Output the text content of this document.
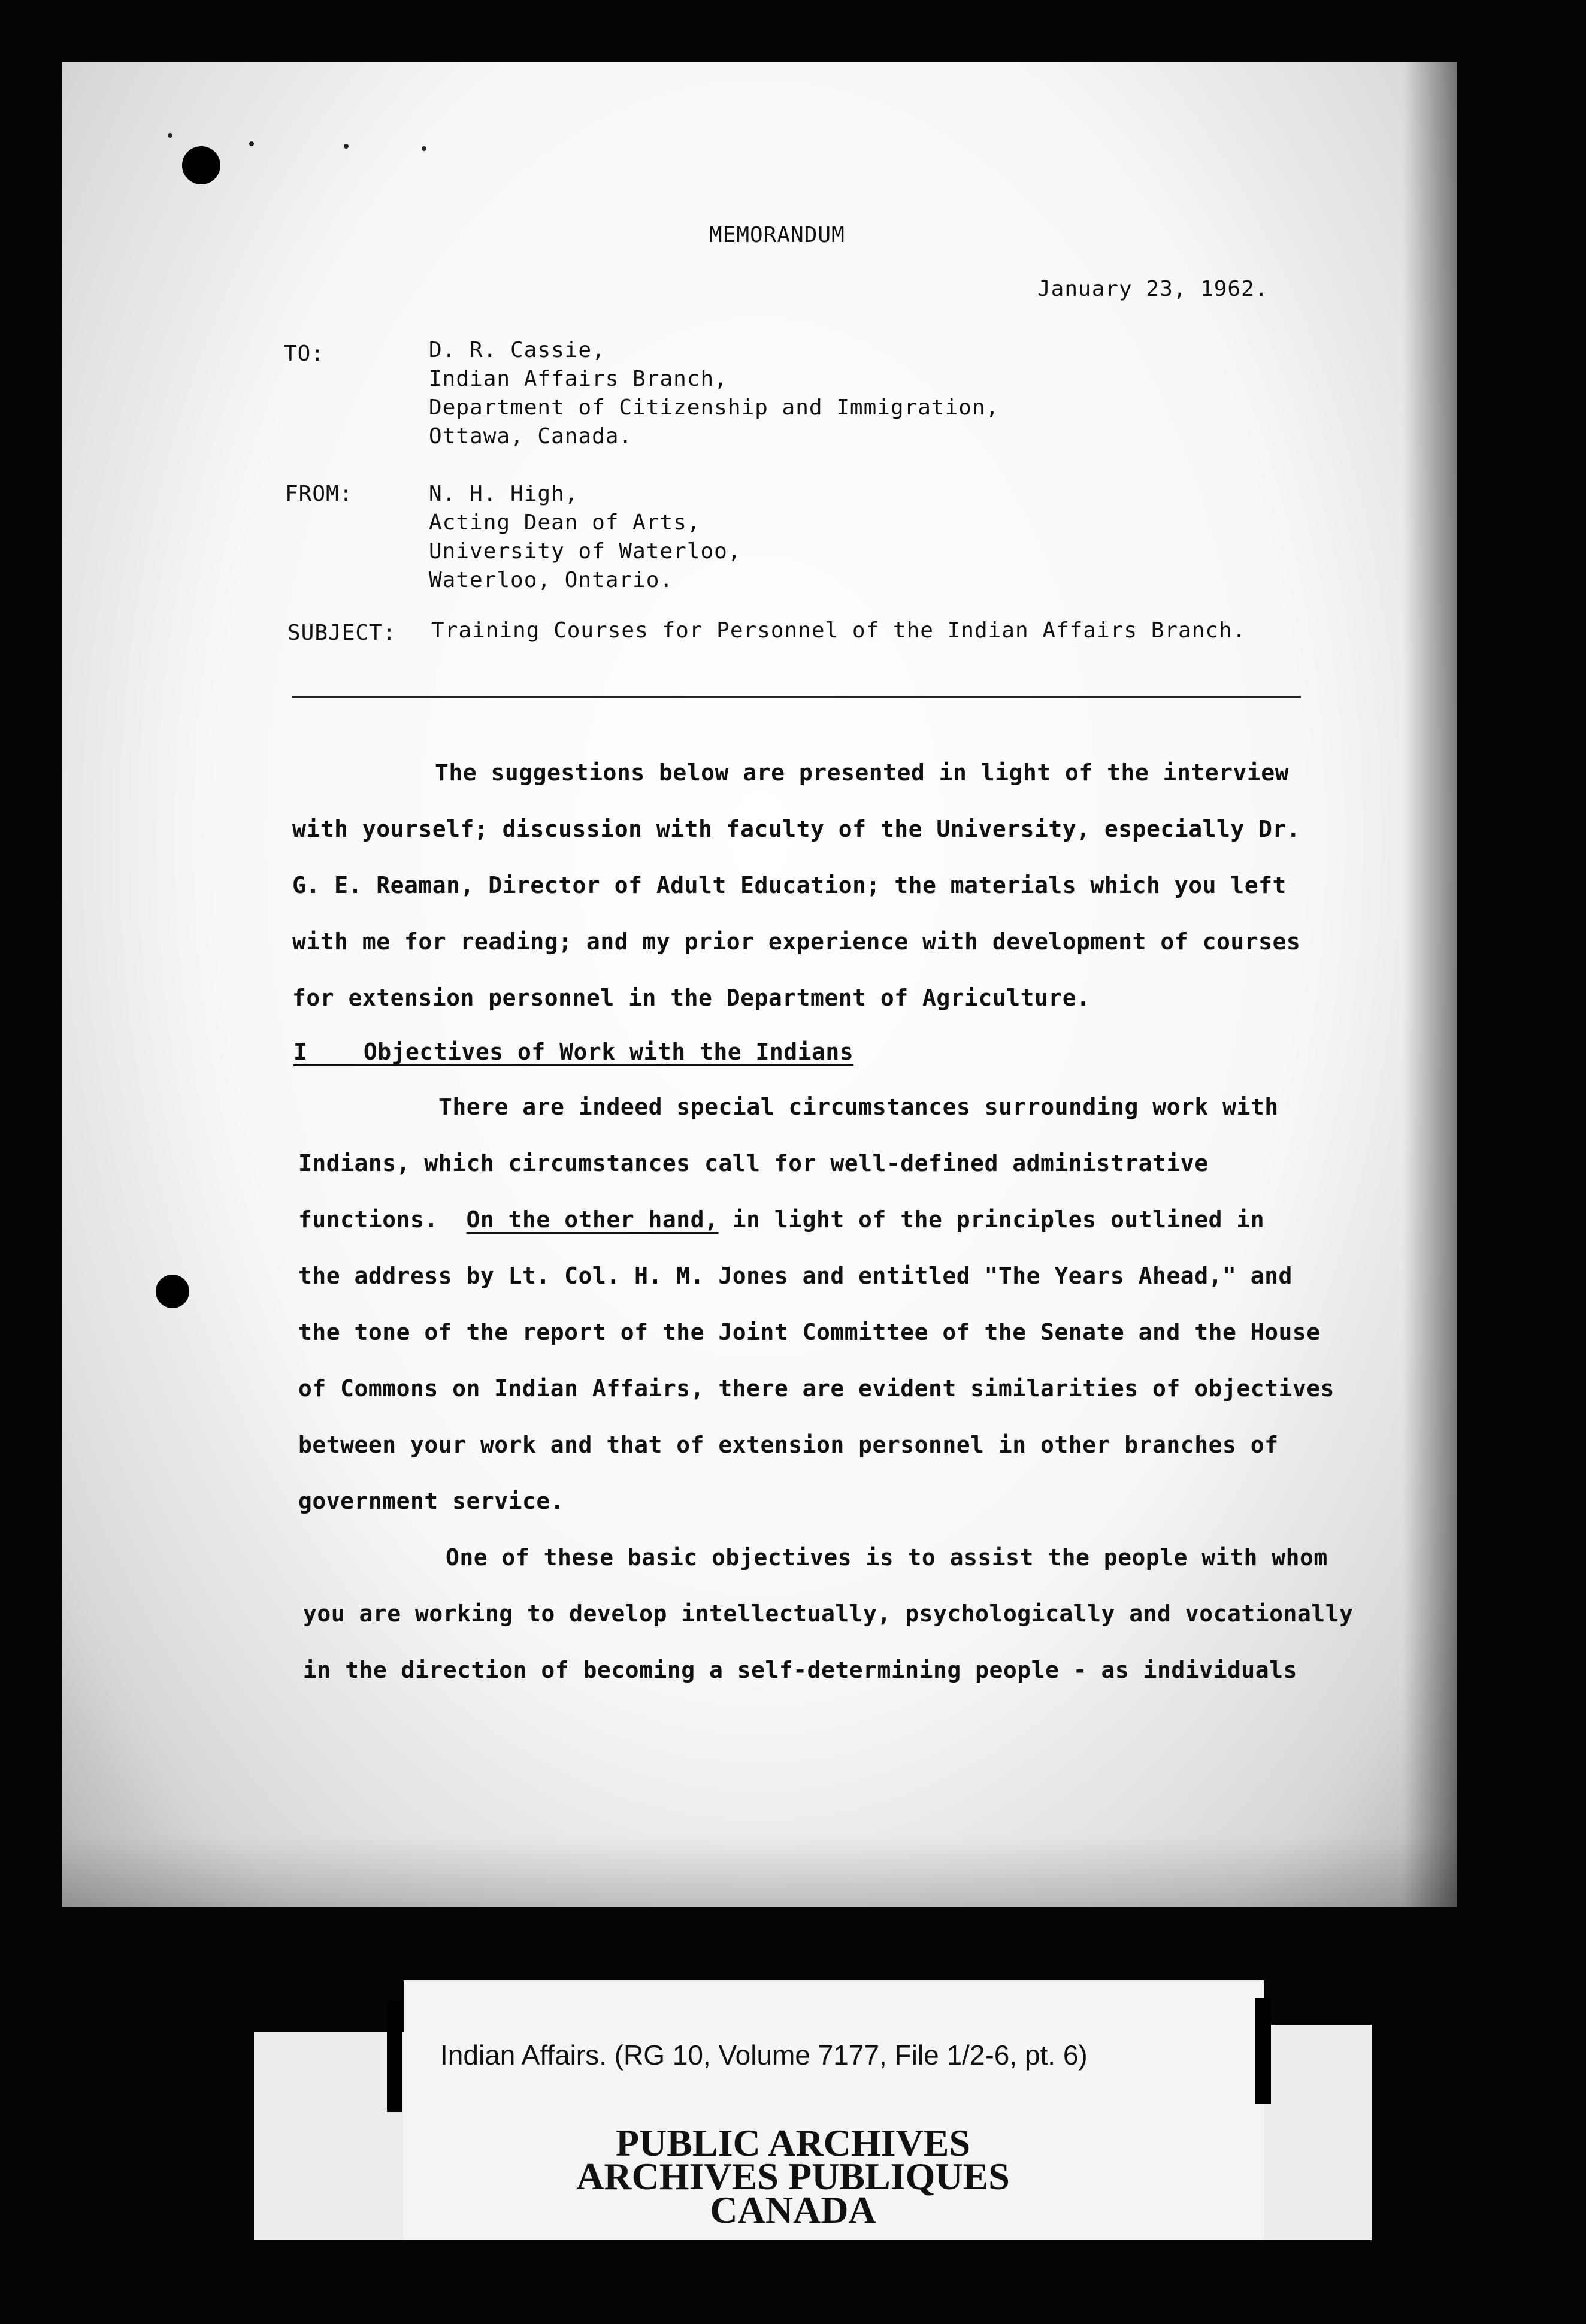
MEMORANDUM
January 23, 1962.
TO:	D. R. Cassie,
Indian Affairs Branch,
Department of Citizenship and Immigration,
Ottawa, Canada.
FROM:	N. H. High,
Acting Dean of Arts,
University of Waterloo,
Waterloo, Ontario.
SUBJECT: Training Courses for Personnel of the Indian Affairs Branch.
The suggestions below are presented in light of the interview
with yourself; discussion with faculty of the University, especially Dr.
G. E. Reaman, Director of Adult Education; the materials which you left
with me for reading; and my prior experience with development of courses
for extension personnel in the Department of Agriculture.
I    Objectives of Work with the Indians
There are indeed special circumstances surrounding work with
Indians, which circumstances call for well-defined administrative
functions.  On the other hand, in light of the principles outlined in
the address by Lt. Col. H. M. Jones and entitled "The Years Ahead," and
the tone of the report of the Joint Committee of the Senate and the House
of Commons on Indian Affairs, there are evident similarities of objectives
between your work and that of extension personnel in other branches of
government service.
One of these basic objectives is to assist the people with whom
you are working to develop intellectually, psychologically and vocationally
in the direction of becoming a self-determining people - as individuals
Indian Affairs. (RG 10, Volume 7177, File 1/2-6, pt. 6)
PUBLIC ARCHIVES
ARCHIVES PUBLIQUES
CANADA
